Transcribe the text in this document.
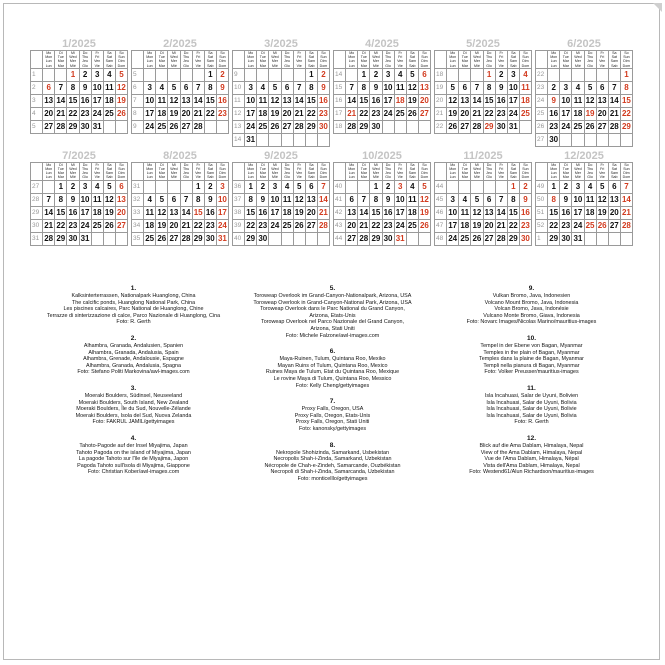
1/2025

	Mo
Mon
Lun
Lun	Di
Tue
Mar
Mar	Mi
Wed
Mer
Mié	Do
Thu
Jeu
Gio	Fr
Fri
Ven
Vie	Sa
Sat
Sam
Sab	So
Sun
Dim
Dom

1			1	2	3	4	5
2	6	7	8	9	10	11	12
3	13	14	15	16	17	18	19
4	20	21	22	23	24	25	26
5	27	28	29	30	31		
2/2025

	Mo
Mon
Lun
Lun	Di
Tue
Mar
Mar	Mi
Wed
Mer
Mié	Do
Thu
Jeu
Gio	Fr
Fri
Ven
Vie	Sa
Sat
Sam
Sab	So
Sun
Dim
Dom

5						1	2
6	3	4	5	6	7	8	9
7	10	11	12	13	14	15	16
8	17	18	19	20	21	22	23
9	24	25	26	27	28		
3/2025

	Mo
Mon
Lun
Lun	Di
Tue
Mar
Mar	Mi
Wed
Mer
Mié	Do
Thu
Jeu
Gio	Fr
Fri
Ven
Vie	Sa
Sat
Sam
Sab	So
Sun
Dim
Dom

9						1	2
10	3	4	5	6	7	8	9
11	10	11	12	13	14	15	16
12	17	18	19	20	21	22	23
13	24	25	26	27	28	29	30
14	31						
4/2025

	Mo
Mon
Lun
Lun	Di
Tue
Mar
Mar	Mi
Wed
Mer
Mié	Do
Thu
Jeu
Gio	Fr
Fri
Ven
Vie	Sa
Sat
Sam
Sab	So
Sun
Dim
Dom

14		1	2	3	4	5	6
15	7	8	9	10	11	12	13
16	14	15	16	17	18	19	20
17	21	22	23	24	25	26	27
18	28	29	30				
5/2025

	Mo
Mon
Lun
Lun	Di
Tue
Mar
Mar	Mi
Wed
Mer
Mié	Do
Thu
Jeu
Gio	Fr
Fri
Ven
Vie	Sa
Sat
Sam
Sab	So
Sun
Dim
Dom

18				1	2	3	4
19	5	6	7	8	9	10	11
20	12	13	14	15	16	17	18
21	19	20	21	22	23	24	25
22	26	27	28	29	30	31	
6/2025

	Mo
Mon
Lun
Lun	Di
Tue
Mar
Mar	Mi
Wed
Mer
Mié	Do
Thu
Jeu
Gio	Fr
Fri
Ven
Vie	Sa
Sat
Sam
Sab	So
Sun
Dim
Dom

22							1
23	2	3	4	5	6	7	8
24	9	10	11	12	13	14	15
25	16	17	18	19	20	21	22
26	23	24	25	26	27	28	29
27	30						
7/2025

	Mo
Mon
Lun
Lun	Di
Tue
Mar
Mar	Mi
Wed
Mer
Mié	Do
Thu
Jeu
Gio	Fr
Fri
Ven
Vie	Sa
Sat
Sam
Sab	So
Sun
Dim
Dom

27		1	2	3	4	5	6
28	7	8	9	10	11	12	13
29	14	15	16	17	18	19	20
30	21	22	23	24	25	26	27
31	28	29	30	31			
8/2025

	Mo
Mon
Lun
Lun	Di
Tue
Mar
Mar	Mi
Wed
Mer
Mié	Do
Thu
Jeu
Gio	Fr
Fri
Ven
Vie	Sa
Sat
Sam
Sab	So
Sun
Dim
Dom

31					1	2	3
32	4	5	6	7	8	9	10
33	11	12	13	14	15	16	17
34	18	19	20	21	22	23	24
35	25	26	27	28	29	30	31
9/2025

	Mo
Mon
Lun
Lun	Di
Tue
Mar
Mar	Mi
Wed
Mer
Mié	Do
Thu
Jeu
Gio	Fr
Fri
Ven
Vie	Sa
Sat
Sam
Sab	So
Sun
Dim
Dom

36	1	2	3	4	5	6	7
37	8	9	10	11	12	13	14
38	15	16	17	18	19	20	21
39	22	23	24	25	26	27	28
40	29	30					
10/2025

	Mo
Mon
Lun
Lun	Di
Tue
Mar
Mar	Mi
Wed
Mer
Mié	Do
Thu
Jeu
Gio	Fr
Fri
Ven
Vie	Sa
Sat
Sam
Sab	So
Sun
Dim
Dom

40			1	2	3	4	5
41	6	7	8	9	10	11	12
42	13	14	15	16	17	18	19
43	20	21	22	23	24	25	26
44	27	28	29	30	31		
11/2025

	Mo
Mon
Lun
Lun	Di
Tue
Mar
Mar	Mi
Wed
Mer
Mié	Do
Thu
Jeu
Gio	Fr
Fri
Ven
Vie	Sa
Sat
Sam
Sab	So
Sun
Dim
Dom

44						1	2
45	3	4	5	6	7	8	9
46	10	11	12	13	14	15	16
47	17	18	19	20	21	22	23
48	24	25	26	27	28	29	30
12/2025

	Mo
Mon
Lun
Lun	Di
Tue
Mar
Mar	Mi
Wed
Mer
Mié	Do
Thu
Jeu
Gio	Fr
Fri
Ven
Vie	Sa
Sat
Sam
Sab	So
Sun
Dim
Dom

49	1	2	3	4	5	6	7
50	8	9	10	11	12	13	14
51	15	16	17	18	19	20	21
52	22	23	24	25	26	27	28
1	29	30	31				
1.
Kalksinterterrassen, Nationalpark Huanglong, China
The calcific ponds, Huanglong National Park, China
Les piscines calcaires, Parc National de Huanglong, Chine
Terrazze di sinterizzazione di calce, Parco Nazionale di Huanglong, Cina
Foto: R. Gerth
2.
Alhambra, Granada, Andalusien, Spanien
Alhambra, Granada, Andalusia, Spain
Alhambra, Grenade, Andalousie, Espagne
Alhambra, Granada, Andalusia, Spagna
Foto: Stefano Politi Markovina/awl-images.com
3.
Moeraki Boulders, Südinsel, Neuseeland
Moeraki Boulders, South Island, New Zealand
Moeraki Boulders, Île du Sud, Nouvelle-Zélande
Moeraki Boulders, Isola del Sud, Nuova Zelanda
Foto: FAKRUL JAMIL/gettyimages
4.
Tahoto-Pagode auf der Insel Miyajima, Japan
Tahoto Pagoda on the island of Miyajima, Japan
La pagode Tahoto sur l'île de Miyajima, Japon
Pagoda Tahoto sull'isola di Miyajima, Giappone
Foto: Christian Kober/awl-images.com
5.
Toroweap Overlook im Grand-Canyon-Nationalpark, Arizona, USA
Toroweap Overlook in Grand-Canyon-National Park, Arizona, USA
Toroweap Overlook dans le Parc National du Grand Canyon,
Arizona, Etats-Unis
Toroweap Overlook nel Parco Nazionale del Grand Canyon,
Arizona, Stati Uniti
Foto: Michele Falzone/awl-images.com
6.
Maya-Ruinen, Tulum, Quintana Roo, Mexiko
Mayan Ruins of Tulum, Quintana Roo, Mexico
Ruines Maya de Tulum, Etat du Quintana Roo, Mexique
Le rovine Maya di Tulum, Quintana Roo, Messico
Foto: Kelly Cheng/gettyimages
7.
Proxy Falls, Oregon, USA
Proxy Falls, Oregon, Etats-Unis
Proxy Falls, Oregon, Stati Uniti
Foto: kanonsky/gettyimages
8.
Nekropole Shohizinda, Samarkand, Usbekistan
Necropolis Shah-i-Zinda, Samarkand, Uzbekistan
Nécropole de Chah-e-Zindeh, Samarcande, Ouzbékistan
Necropoli di Shah-i-Zinda, Samarcanda, Uzbekistan
Foto: monticelllo/gettyimages
9.
Vulkan Bromo, Java, Indonesien
Volcano Mount Bromo, Java, Indonesia
Volcan Bromo, Java, Indonésie
Vulcano Monte Bromo, Giava, Indonesia
Foto: Novarc Images/Nicolas Marino/mauritius-images
10.
Tempel in der Ebene von Bagan, Myanmar
Temples in the plain of Bagan, Myanmar
Temples dans la plaine de Bagan, Myanmar
Templi nella pianura di Bagan, Myanmar
Foto: Volker Preusser/mauritius-images
11.
Isla Incahuasi, Salar de Uyuni, Bolivien
Isla Incahuasi, Salar de Uyuni, Bolivia
Isla Incahuasi, Salar de Uyuni, Bolivie
Isla Incahuasi, Salar de Uyuni, Bolivia
Foto: R. Gerth
12.
Blick auf die Ama Dablam, Himalaya, Nepal
View of the Ama Dablam, Himalaya, Nepal
Vue de l'Ama Dablam, Himalaya, Népal
Vista dell'Ama Dablam, Himalaya, Nepal
Foto: Westend61/Alun Richardson/mauritius-images
